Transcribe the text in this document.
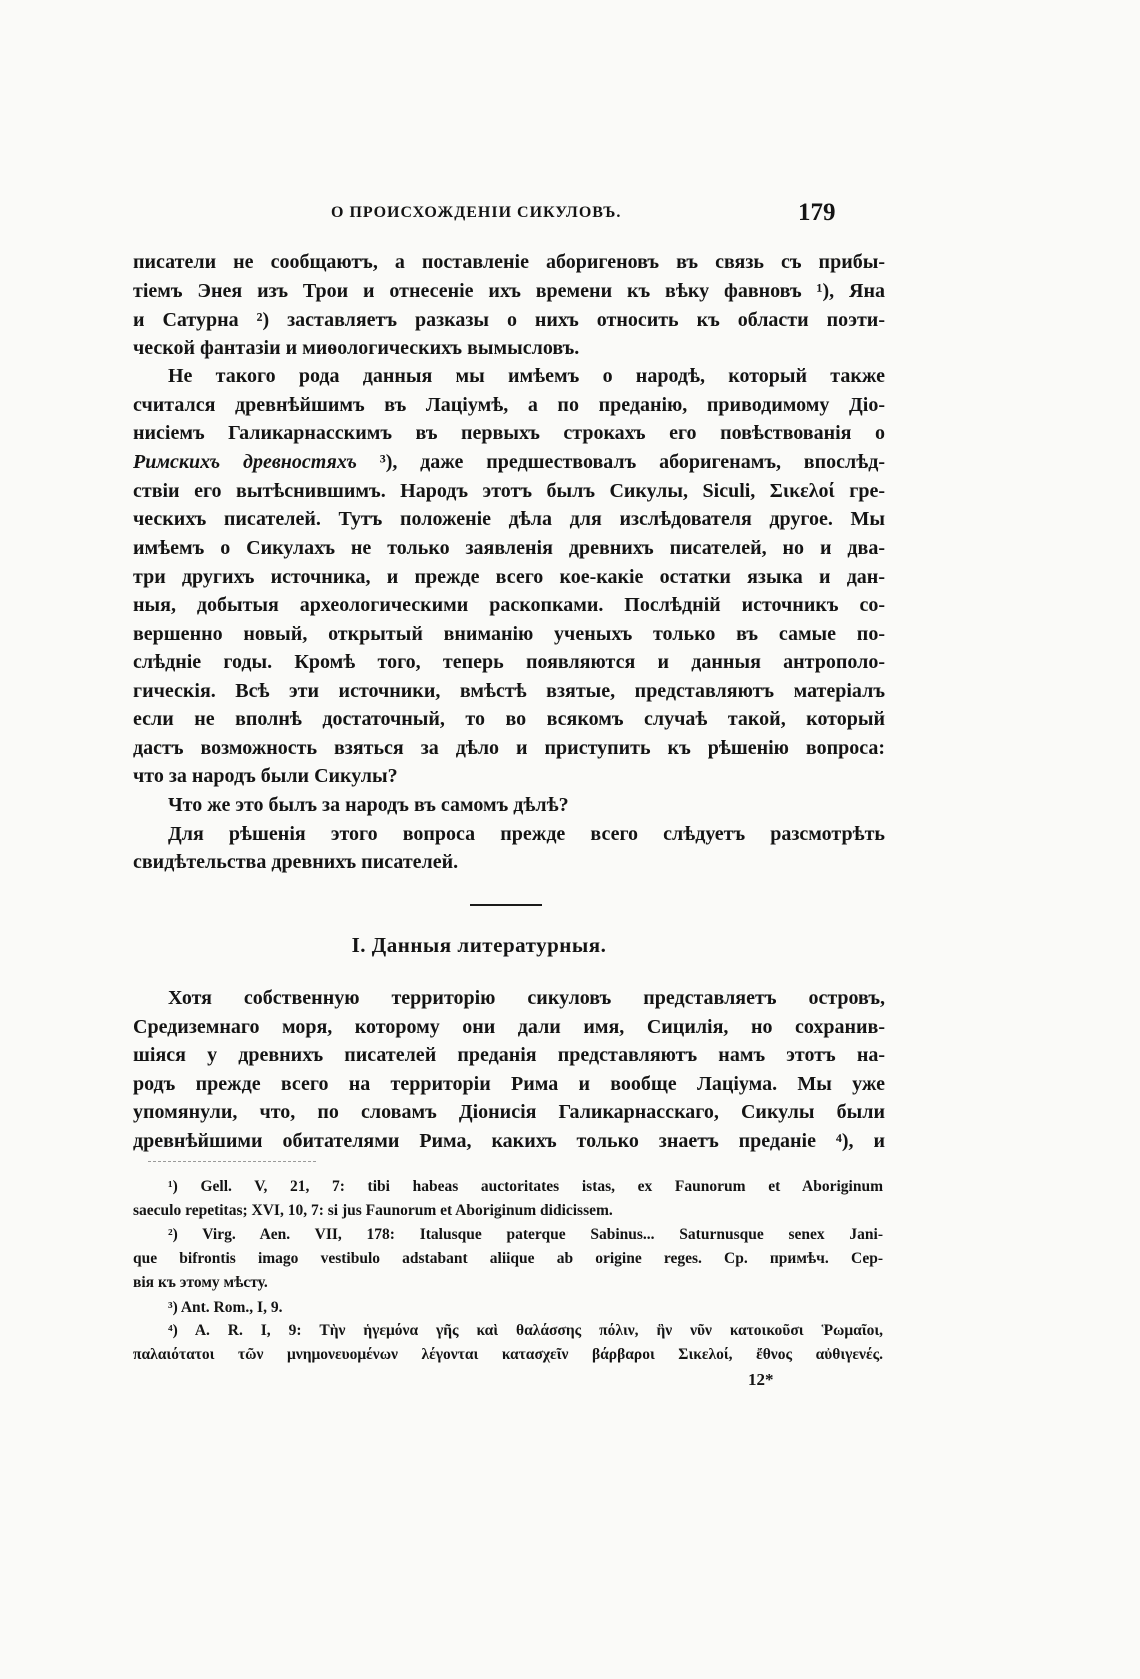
О ПРОИСХОЖДЕНІИ СИКУЛОВЪ.	179
писатели не сообщаютъ, а поставленіе аборигеновъ въ связь съ прибы-
тіемъ Энея изъ Трои и отнесеніе ихъ времени къ вѣку фавновъ ¹), Яна
и Сатурна ²) заставляетъ разказы о нихъ относить къ области поэти-
ческой фантазіи и миѳологическихъ вымысловъ.
Не такого рода данныя мы имѣемъ о народѣ, который также
считался древнѣйшимъ въ Лаціумѣ, а по преданію, приводимому Діо-
нисіемъ Галикарнасскимъ въ первыхъ строкахъ его повѣствованія о
Римскихъ древностяхъ ³), даже предшествовалъ аборигенамъ, впослѣд-
ствіи его вытѣснившимъ. Народъ этотъ былъ Сикулы, Siculi, Σικελοί гре-
ческихъ писателей. Тутъ положеніе дѣла для изслѣдователя другое. Мы
имѣемъ о Сикулахъ не только заявленія древнихъ писателей, но и два-
три другихъ источника, и прежде всего кое-какіе остатки языка и дан-
ныя, добытыя археологическими раскопками. Послѣдній источникъ со-
вершенно новый, открытый вниманію ученыхъ только въ самые по-
слѣдніе годы. Кромѣ того, теперь появляются и данныя антрополо-
гическія. Всѣ эти источники, вмѣстѣ взятые, представляютъ матеріалъ
если не вполнѣ достаточный, то во всякомъ случаѣ такой, который
дастъ возможность взяться за дѣло и приступить къ рѣшенію вопроса:
что за народъ были Сикулы?
Что же это былъ за народъ въ самомъ дѣлѣ?
Для рѣшенія этого вопроса прежде всего слѣдуетъ разсмотрѣть
свидѣтельства древнихъ писателей.
I. Данныя литературныя.
Хотя собственную территорію сикуловъ представляетъ островъ,
Средиземнаго моря, которому они дали имя, Сицилія, но сохранив-
шіяся у древнихъ писателей преданія представляютъ намъ этотъ на-
родъ прежде всего на территоріи Рима и вообще Лаціума. Мы уже
упомянули, что, по словамъ Діонисія Галикарнасскаго, Сикулы были
древнѣйшими обитателями Рима, какихъ только знаетъ преданіе ⁴), и
¹) Gell. V, 21, 7: tibi habeas auctoritates istas, ex Faunorum et Aboriginum
saeculo repetitas; XVI, 10, 7: si jus Faunorum et Aboriginum didicissem.
²) Virg. Aen. VII, 178: Italusque paterque Sabinus... Saturnusque senex Jani-
que bifrontis imago vestibulo adstabant aliique ab origine reges. Ср. примѣч. Сер-
вія къ этому мѣсту.
³) Ant. Rom., I, 9.
⁴) A. R. I, 9: Τὴν ἡγεμόνα γῆς καὶ θαλάσσης πόλιν, ἣν νῦν κατοικοῦσι Ῥωμαῖοι,
παλαιότατοι τῶν μνημονευομένων λέγονται κατασχεῖν βάρβαροι Σικελοί, ἔθνος αὐθιγενές.
12*
